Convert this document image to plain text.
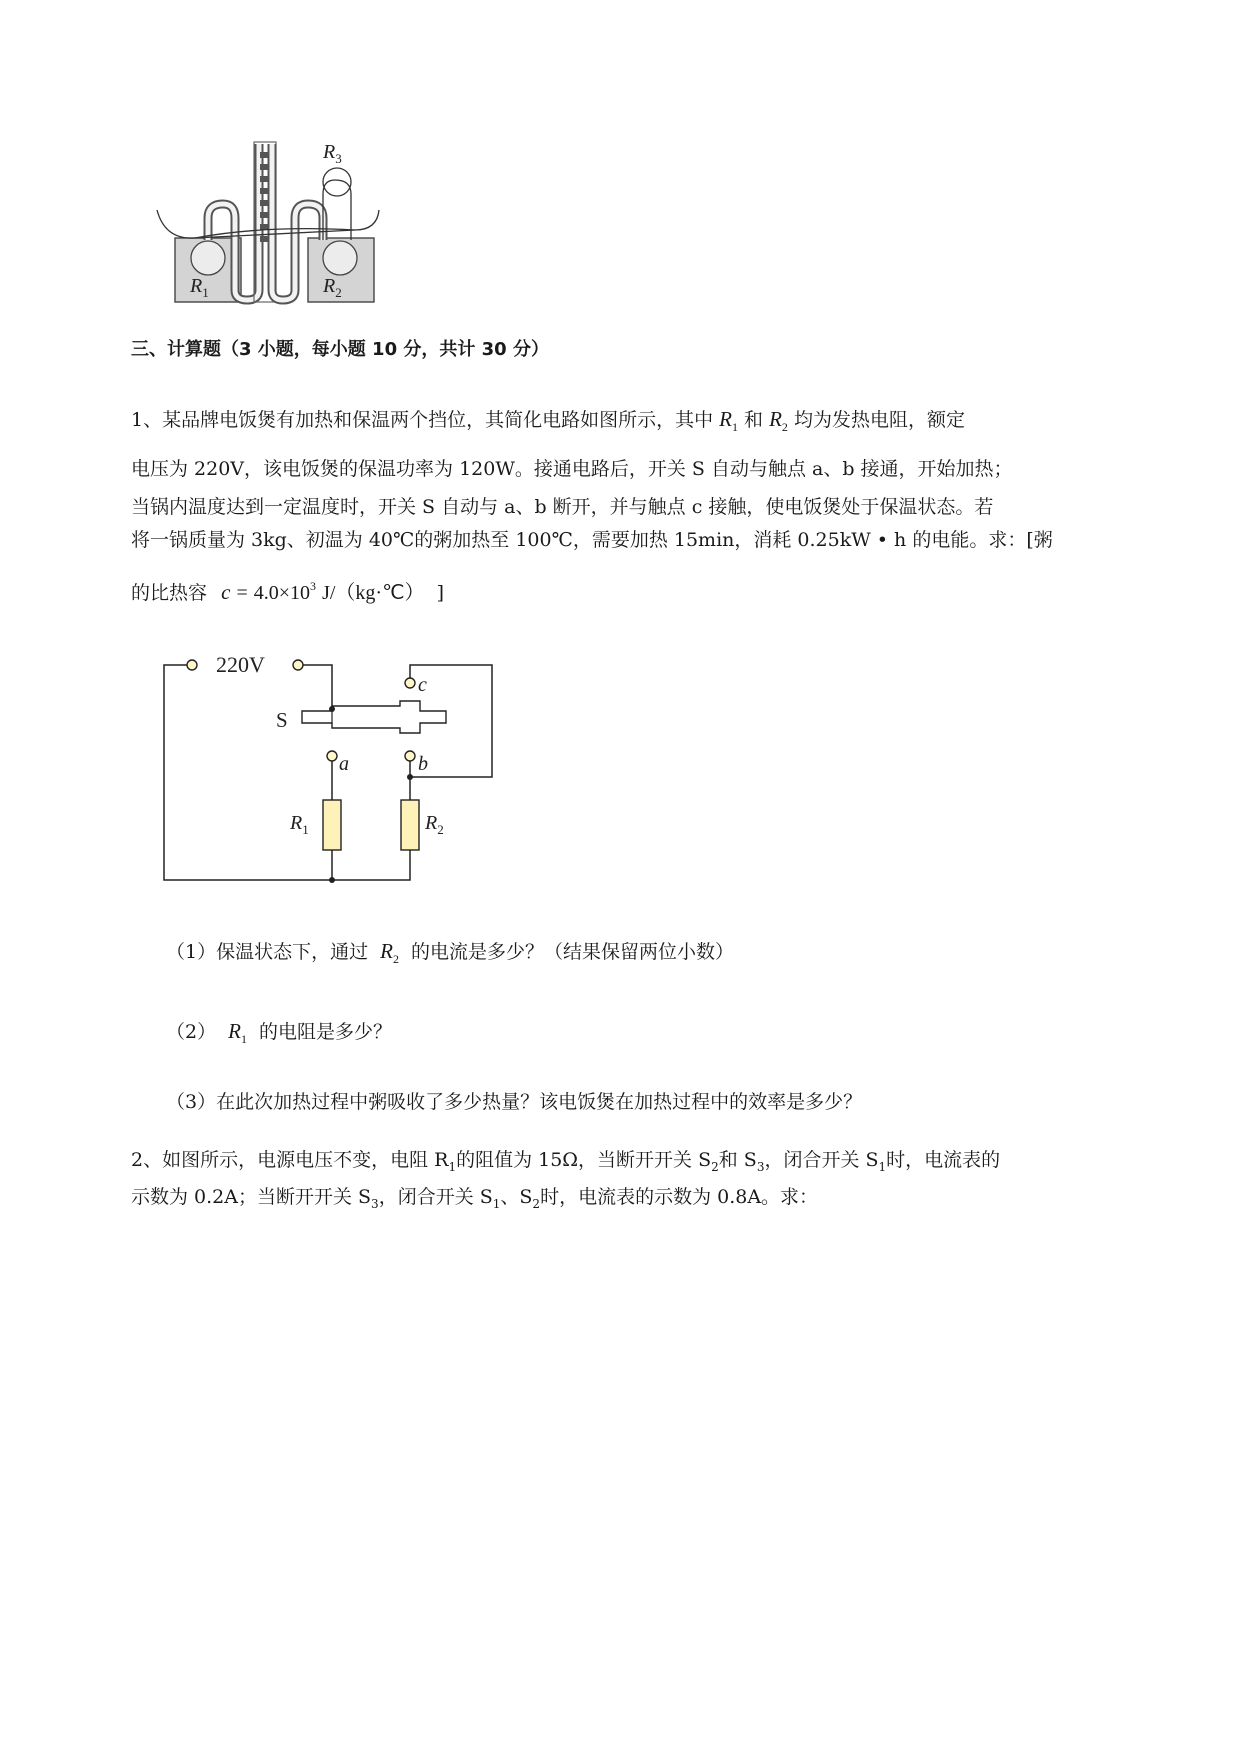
$R_3$
$R_1$	$R_2$
三、计算题（3 小题，每小题 10 分，共计 30 分）
1、某品牌电饭煲有加热和保温两个挡位，其简化电路如图所示，其中 $R_1$ 和 $R_2$ 均为发热电阻，额定
电压为 220V，该电饭煲的保温功率为 120W。接通电路后，开关 S 自动与触点 a、b 接通，开始加热；
当锅内温度达到一定温度时，开关 S 自动与 a、b 断开，并与触点 c 接触，使电饭煲处于保温状态。若
将一锅质量为 3kg、初温为 40℃的粥加热至 100℃，需要加热 15min，消耗 0.25kW • h 的电能。求：[粥
的比热容 $c = 4.0\times 10^3$ J/（kg·℃） ]
220V
S
a	b
c
$R_1$	$R_2$
（1）保温状态下，通过 $R_2$ 的电流是多少？（结果保留两位小数）
（2） $R_1$ 的电阻是多少？
（3）在此次加热过程中粥吸收了多少热量？该电饭煲在加热过程中的效率是多少？
2、如图所示，电源电压不变，电阻 $R_1$的阻值为 15Ω，当断开开关 $S_2$和 $S_3$，闭合开关 $S_1$时，电流表的
示数为 0.2A；当断开开关 $S_3$，闭合开关 $S_1$、$S_2$时，电流表的示数为 0.8A。求：
